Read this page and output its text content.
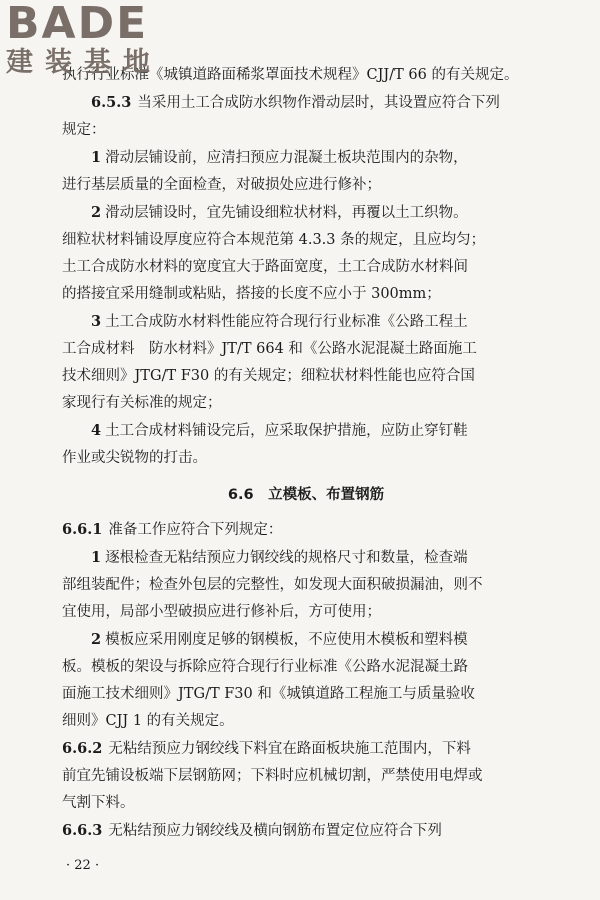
BADE
建装基地
执行行业标准《城镇道路面稀浆罩面技术规程》CJJ/T 66 的有关规定。
6.5.3 当采用土工合成防水织物作滑动层时，其设置应符合下列
规定：
1 滑动层铺设前，应清扫预应力混凝土板块范围内的杂物，
进行基层质量的全面检查，对破损处应进行修补；
2 滑动层铺设时，宜先铺设细粒状材料，再覆以土工织物。
细粒状材料铺设厚度应符合本规范第 4.3.3 条的规定，且应均匀；
土工合成防水材料的宽度宜大于路面宽度，土工合成防水材料间
的搭接宜采用缝制或粘贴，搭接的长度不应小于 300mm；
3 土工合成防水材料性能应符合现行行业标准《公路工程土
工合成材料　防水材料》JT/T 664 和《公路水泥混凝土路面施工
技术细则》JTG/T F30 的有关规定；细粒状材料性能也应符合国
家现行有关标准的规定；
4 土工合成材料铺设完后，应采取保护措施，应防止穿钉鞋
作业或尖锐物的打击。
6.6　立模板、布置钢筋
6.6.1 准备工作应符合下列规定：
1 逐根检查无粘结预应力钢绞线的规格尺寸和数量，检查端
部组装配件；检查外包层的完整性，如发现大面积破损漏油，则不
宜使用，局部小型破损应进行修补后，方可使用；
2 模板应采用刚度足够的钢模板，不应使用木模板和塑料模
板。模板的架设与拆除应符合现行行业标准《公路水泥混凝土路
面施工技术细则》JTG/T F30 和《城镇道路工程施工与质量验收
细则》CJJ 1 的有关规定。
6.6.2 无粘结预应力钢绞线下料宜在路面板块施工范围内，下料
前宜先铺设板端下层钢筋网；下料时应机械切割，严禁使用电焊或
气割下料。
6.6.3 无粘结预应力钢绞线及横向钢筋布置定位应符合下列
· 22 ·
